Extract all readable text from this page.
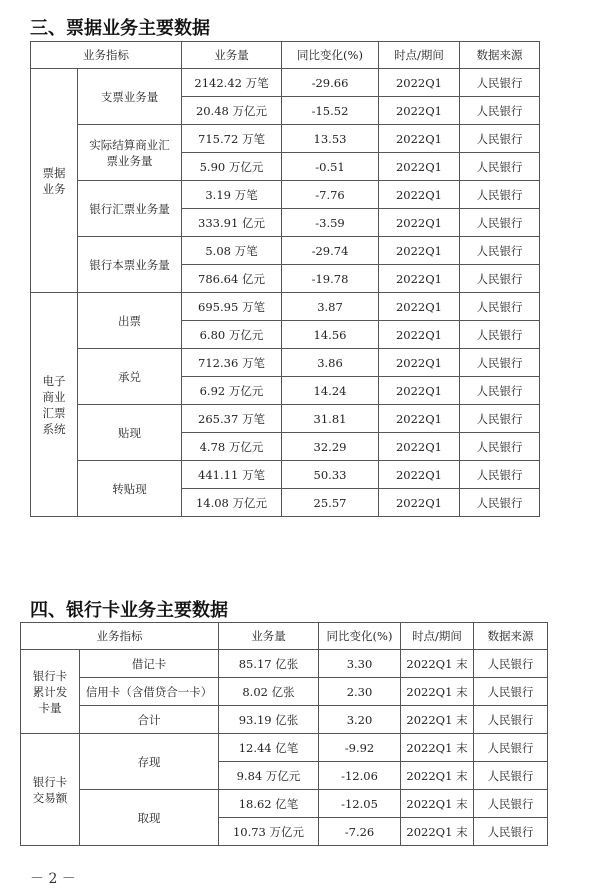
三、票据业务主要数据
业务指标		业务量	同比变化(%)	时点/期间	数据来源
票据业务	支票业务量	2142.42 万笔	-29.66	2022Q1	人民银行
		20.48 万亿元	-15.52	2022Q1	人民银行
	实际结算商业汇票业务量	715.72 万笔	13.53	2022Q1	人民银行
		5.90 万亿元	-0.51	2022Q1	人民银行
	银行汇票业务量	3.19 万笔	-7.76	2022Q1	人民银行
		333.91 亿元	-3.59	2022Q1	人民银行
	银行本票业务量	5.08 万笔	-29.74	2022Q1	人民银行
		786.64 亿元	-19.78	2022Q1	人民银行
电子商业汇票系统	出票	695.95 万笔	3.87	2022Q1	人民银行
		6.80 万亿元	14.56	2022Q1	人民银行
	承兑	712.36 万笔	3.86	2022Q1	人民银行
		6.92 万亿元	14.24	2022Q1	人民银行
	贴现	265.37 万笔	31.81	2022Q1	人民银行
		4.78 万亿元	32.29	2022Q1	人民银行
	转贴现	441.11 万笔	50.33	2022Q1	人民银行
		14.08 万亿元	25.57	2022Q1	人民银行
四、银行卡业务主要数据
业务指标		业务量	同比变化(%)	时点/期间	数据来源
银行卡累计发卡量	借记卡	85.17 亿张	3.30	2022Q1 末	人民银行
	信用卡（含借贷合一卡）	8.02 亿张	2.30	2022Q1 末	人民银行
	合计	93.19 亿张	3.20	2022Q1 末	人民银行
银行卡交易额	存现	12.44 亿笔	-9.92	2022Q1 末	人民银行
		9.84 万亿元	-12.06	2022Q1 末	人民银行
	取现	18.62 亿笔	-12.05	2022Q1 末	人民银行
		10.73 万亿元	-7.26	2022Q1 末	人民银行
－ 2 －
